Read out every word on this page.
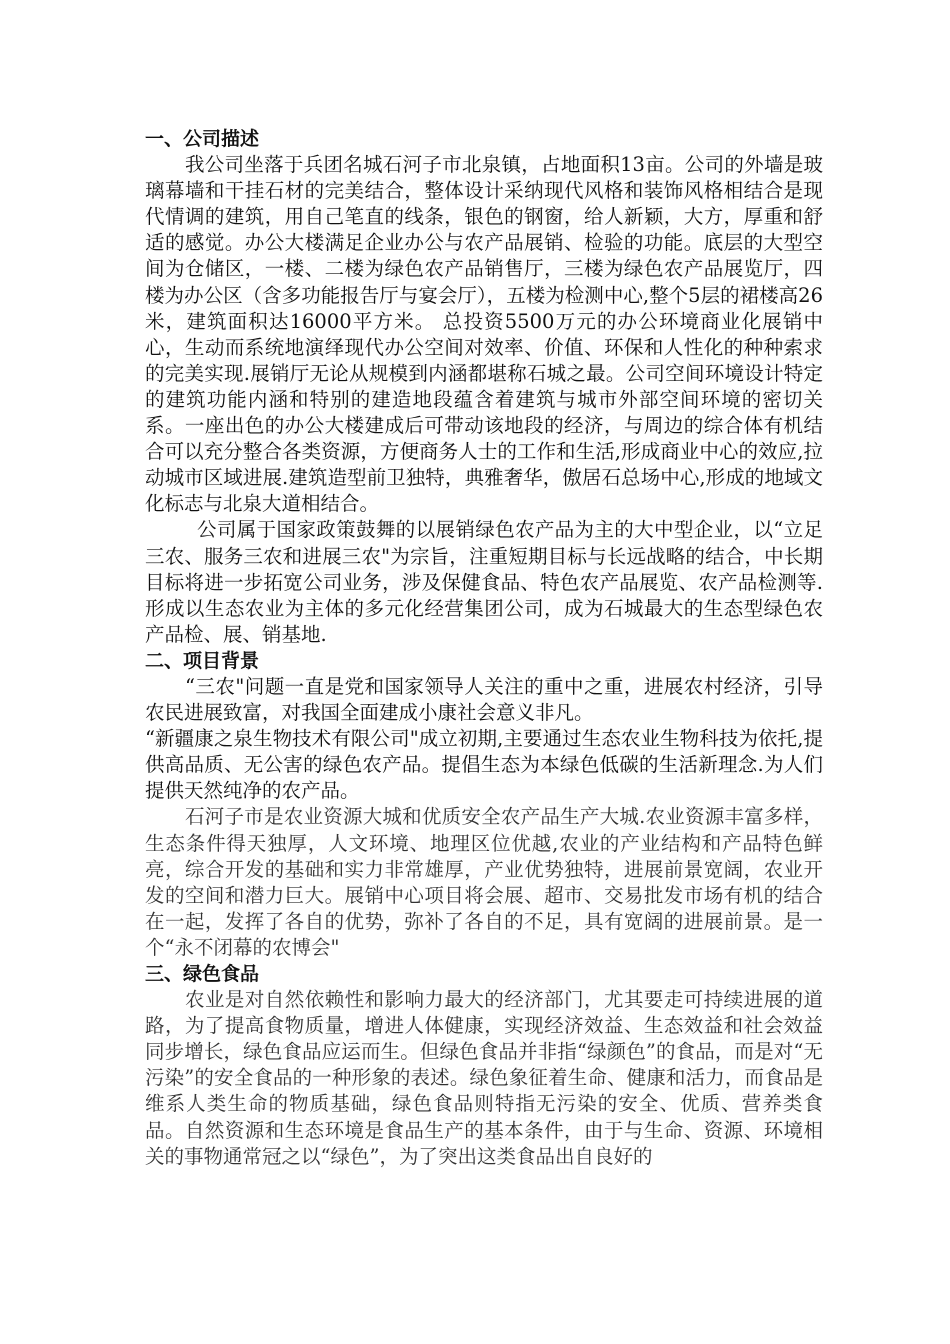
一、公司描述

我公司坐落于兵团名城石河子市北泉镇，占地面积13亩。公司的外墙是玻璃幕墙和干挂石材的完美结合，整体设计采纳现代风格和装饰风格相结合是现代情调的建筑，用自己笔直的线条，银色的钢窗，给人新颖，大方，厚重和舒适的感觉。办公大楼满足企业办公与农产品展销、检验的功能。底层的大型空间为仓储区，一楼、二楼为绿色农产品销售厅，三楼为绿色农产品展览厅，四楼为办公区（含多功能报告厅与宴会厅），五楼为检测中心,整个5层的裙楼高26米，建筑面积达16000平方米。 总投资5500万元的办公环境商业化展销中心，生动而系统地演绎现代办公空间对效率、价值、环保和人性化的种种索求的完美实现.展销厅无论从规模到内涵都堪称石城之最。公司空间环境设计特定的建筑功能内涵和特别的建造地段蕴含着建筑与城市外部空间环境的密切关系。一座出色的办公大楼建成后可带动该地段的经济，与周边的综合体有机结合可以充分整合各类资源，方便商务人士的工作和生活,形成商业中心的效应,拉动城市区域进展.建筑造型前卫独特，典雅奢华，傲居石总场中心,形成的地域文化标志与北泉大道相结合。

公司属于国家政策鼓舞的以展销绿色农产品为主的大中型企业，以“立足三农、服务三农和进展三农"为宗旨，注重短期目标与长远战略的结合，中长期目标将进一步拓宽公司业务，涉及保健食品、特色农产品展览、农产品检测等.形成以生态农业为主体的多元化经营集团公司，成为石城最大的生态型绿色农产品检、展、销基地.

二、项目背景

“三农"问题一直是党和国家领导人关注的重中之重，进展农村经济，引导农民进展致富，对我国全面建成小康社会意义非凡。

“新疆康之泉生物技术有限公司"成立初期,主要通过生态农业生物科技为依托,提供高品质、无公害的绿色农产品。提倡生态为本绿色低碳的生活新理念.为人们提供天然纯净的农产品。

石河子市是农业资源大城和优质安全农产品生产大城.农业资源丰富多样，生态条件得天独厚，人文环境、地理区位优越,农业的产业结构和产品特色鲜亮，综合开发的基础和实力非常雄厚，产业优势独特，进展前景宽阔，农业开发的空间和潜力巨大。展销中心项目将会展、超市、交易批发市场有机的结合在一起，发挥了各自的优势，弥补了各自的不足，具有宽阔的进展前景。是一个“永不闭幕的农博会"

三、绿色食品

农业是对自然依赖性和影响力最大的经济部门，尤其要走可持续进展的道路，为了提高食物质量，增进人体健康，实现经济效益、生态效益和社会效益同步增长，绿色食品应运而生。但绿色食品并非指“绿颜色”的食品，而是对“无污染”的安全食品的一种形象的表述。绿色象征着生命、健康和活力，而食品是维系人类生命的物质基础，绿色食品则特指无污染的安全、优质、营养类食品。自然资源和生态环境是食品生产的基本条件，由于与生命、资源、环境相关的事物通常冠之以“绿色”，为了突出这类食品出自良好的
